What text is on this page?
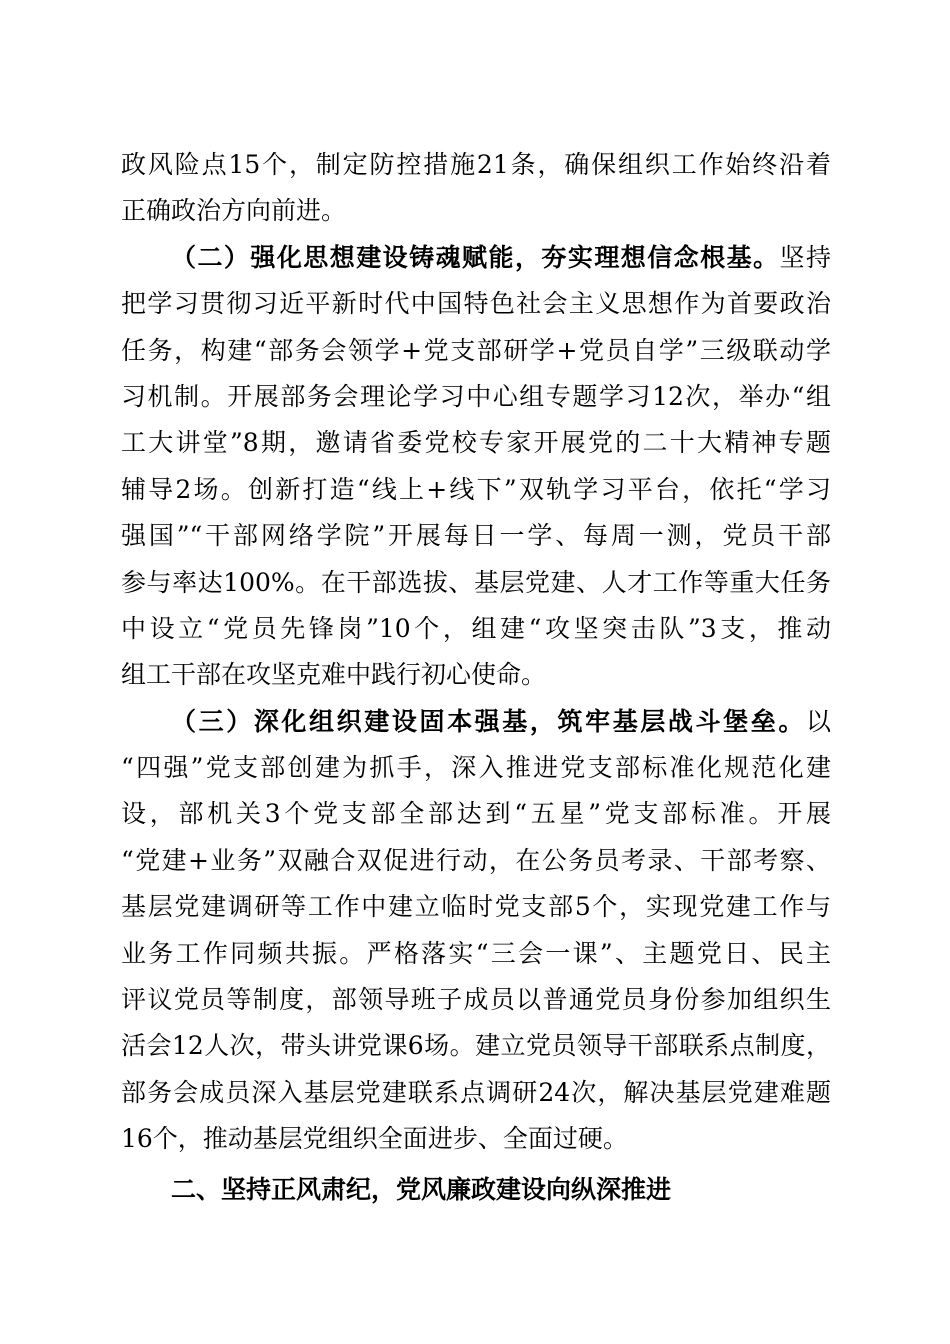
政风险点15个，制定防控措施21条，确保组织工作始终沿着
正确政治方向前进。
（二）强化思想建设铸魂赋能，夯实理想信念根基。坚持
把学习贯彻习近平新时代中国特色社会主义思想作为首要政治
任务，构建“部务会领学+党支部研学+党员自学”三级联动学
习机制。开展部务会理论学习中心组专题学习12次，举办“组
工大讲堂”8期，邀请省委党校专家开展党的二十大精神专题
辅导2场。创新打造“线上+线下”双轨学习平台，依托“学习
强国”“干部网络学院”开展每日一学、每周一测，党员干部
参与率达100%。在干部选拔、基层党建、人才工作等重大任务
中设立“党员先锋岗”10个，组建“攻坚突击队”3支，推动
组工干部在攻坚克难中践行初心使命。
（三）深化组织建设固本强基，筑牢基层战斗堡垒。以
“四强”党支部创建为抓手，深入推进党支部标准化规范化建
设，部机关3个党支部全部达到“五星”党支部标准。开展
“党建+业务”双融合双促进行动，在公务员考录、干部考察、
基层党建调研等工作中建立临时党支部5个，实现党建工作与
业务工作同频共振。严格落实“三会一课”、主题党日、民主
评议党员等制度，部领导班子成员以普通党员身份参加组织生
活会12人次，带头讲党课6场。建立党员领导干部联系点制度，
部务会成员深入基层党建联系点调研24次，解决基层党建难题
16个，推动基层党组织全面进步、全面过硬。
二、坚持正风肃纪，党风廉政建设向纵深推进
